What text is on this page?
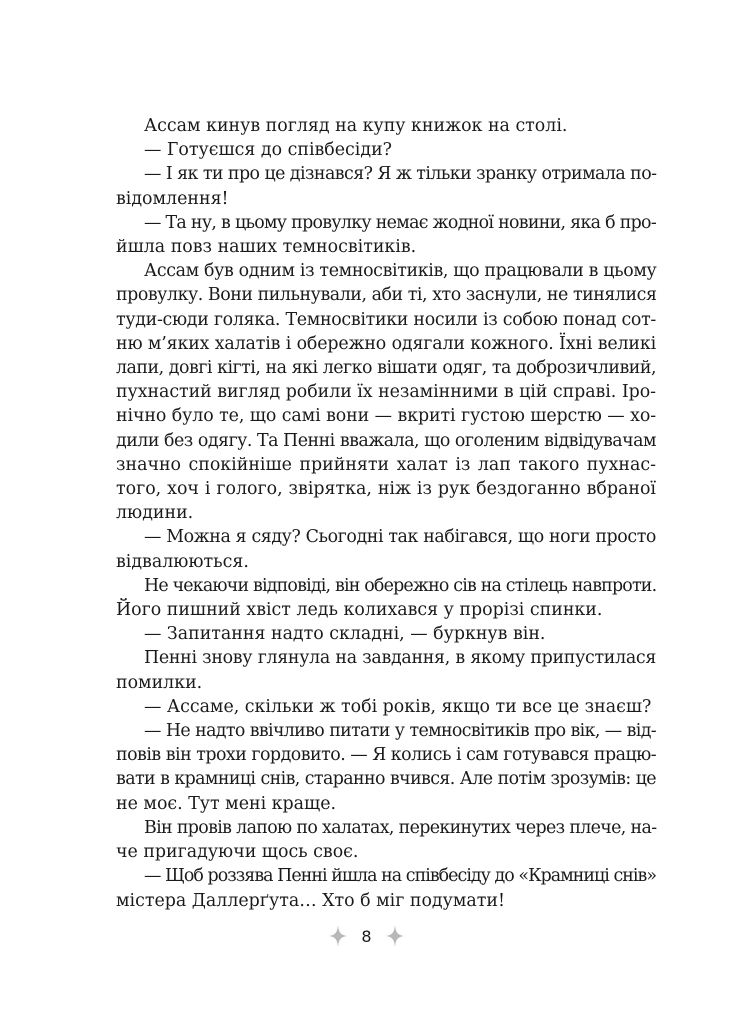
Ассам кинув погляд на купу книжок на столі.

— Готуєшся до співбесіди?

— І як ти про це дізнався? Я ж тільки зранку отримала по-
відомлення!

— Та ну, в цьому провулку немає жодної новини, яка б про-
йшла повз наших темносвітиків.

Ассам був одним із темносвітиків, що працювали в цьому
провулку. Вони пильнували, аби ті, хто заснули, не тинялися
туди-сюди голяка. Темносвітики носили із собою понад сот-
ню м’яких халатів і обережно одягали кожного. Їхні великі
лапи, довгі кігті, на які легко вішати одяг, та доброзичливий,
пухнастий вигляд робили їх незамінними в цій справі. Іро-
нічно було те, що самі вони — вкриті густою шерстю — хо-
дили без одягу. Та Пенні вважала, що оголеним відвідувачам
значно спокійніше прийняти халат із лап такого пухнас-
того, хоч і голого, звірятка, ніж із рук бездоганно вбраної
людини.

— Можна я сяду? Сьогодні так набігався, що ноги просто
відвалюються.

Не чекаючи відповіді, він обережно сів на стілець навпроти.
Його пишний хвіст ледь колихався у прорізі спинки.

— Запитання надто складні, — буркнув він.

Пенні знову глянула на завдання, в якому припустилася
помилки.

— Ассаме, скільки ж тобі років, якщо ти все це знаєш?

— Не надто ввічливо питати у темносвітиків про вік, — від-
повів він трохи гордовито. — Я колись і сам готувався працю-
вати в крамниці снів, старанно вчився. Але потім зрозумів: це
не моє. Тут мені краще.

Він провів лапою по халатах, перекинутих через плече, на-
че пригадуючи щось своє.

— Щоб роззява Пенні йшла на співбесіду до «Крамниці снів»
містера Даллерґута… Хто б міг подумати!

8
